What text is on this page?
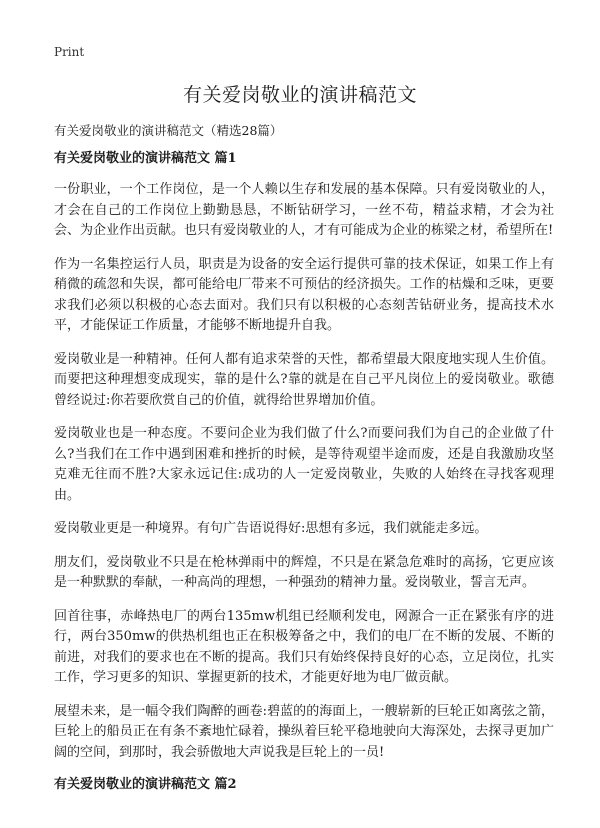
Print
有关爱岗敬业的演讲稿范文

有关爱岗敬业的演讲稿范文（精选28篇）

有关爱岗敬业的演讲稿范文 篇1

一份职业，一个工作岗位，是一个人赖以生存和发展的基本保障。只有爱岗敬业的人，才会在自己的工作岗位上勤勤恳恳，不断钻研学习，一丝不苟，精益求精，才会为社会、为企业作出贡献。也只有爱岗敬业的人，才有可能成为企业的栋梁之材，希望所在!

作为一名集控运行人员，职责是为设备的安全运行提供可靠的技术保证，如果工作上有稍微的疏忽和失误，都可能给电厂带来不可预估的经济损失。工作的枯燥和乏味，更要求我们必须以积极的心态去面对。我们只有以积极的心态刻苦钻研业务，提高技术水平，才能保证工作质量，才能够不断地提升自我。

爱岗敬业是一种精神。任何人都有追求荣誉的天性，都希望最大限度地实现人生价值。而要把这种理想变成现实，靠的是什么?靠的就是在自己平凡岗位上的爱岗敬业。歌德曾经说过:你若要欣赏自己的价值，就得给世界增加价值。

爱岗敬业也是一种态度。不要问企业为我们做了什么?而要问我们为自己的企业做了什么?当我们在工作中遇到困难和挫折的时候，是等待观望半途而废，还是自我激励攻坚克难无往而不胜?大家永远记住:成功的人一定爱岗敬业，失败的人始终在寻找客观理由。

爱岗敬业更是一种境界。有句广告语说得好:思想有多远，我们就能走多远。

朋友们，爱岗敬业不只是在枪林弹雨中的辉煌，不只是在紧急危难时的高扬，它更应该是一种默默的奉献，一种高尚的理想，一种强劲的精神力量。爱岗敬业，誓言无声。

回首往事，赤峰热电厂的两台135mw机组已经顺利发电，网源合一正在紧张有序的进行，两台350mw的供热机组也正在积极筹备之中，我们的电厂在不断的发展、不断的前进，对我们的要求也在不断的提高。我们只有始终保持良好的心态，立足岗位，扎实工作，学习更多的知识、掌握更新的技术，才能更好地为电厂做贡献。

展望未来，是一幅令我们陶醉的画卷:碧蓝的的海面上，一艘崭新的巨轮正如离弦之箭，巨轮上的船员正在有条不紊地忙碌着，操纵着巨轮平稳地驶向大海深处，去探寻更加广阔的空间，到那时，我会骄傲地大声说我是巨轮上的一员!

有关爱岗敬业的演讲稿范文 篇2
